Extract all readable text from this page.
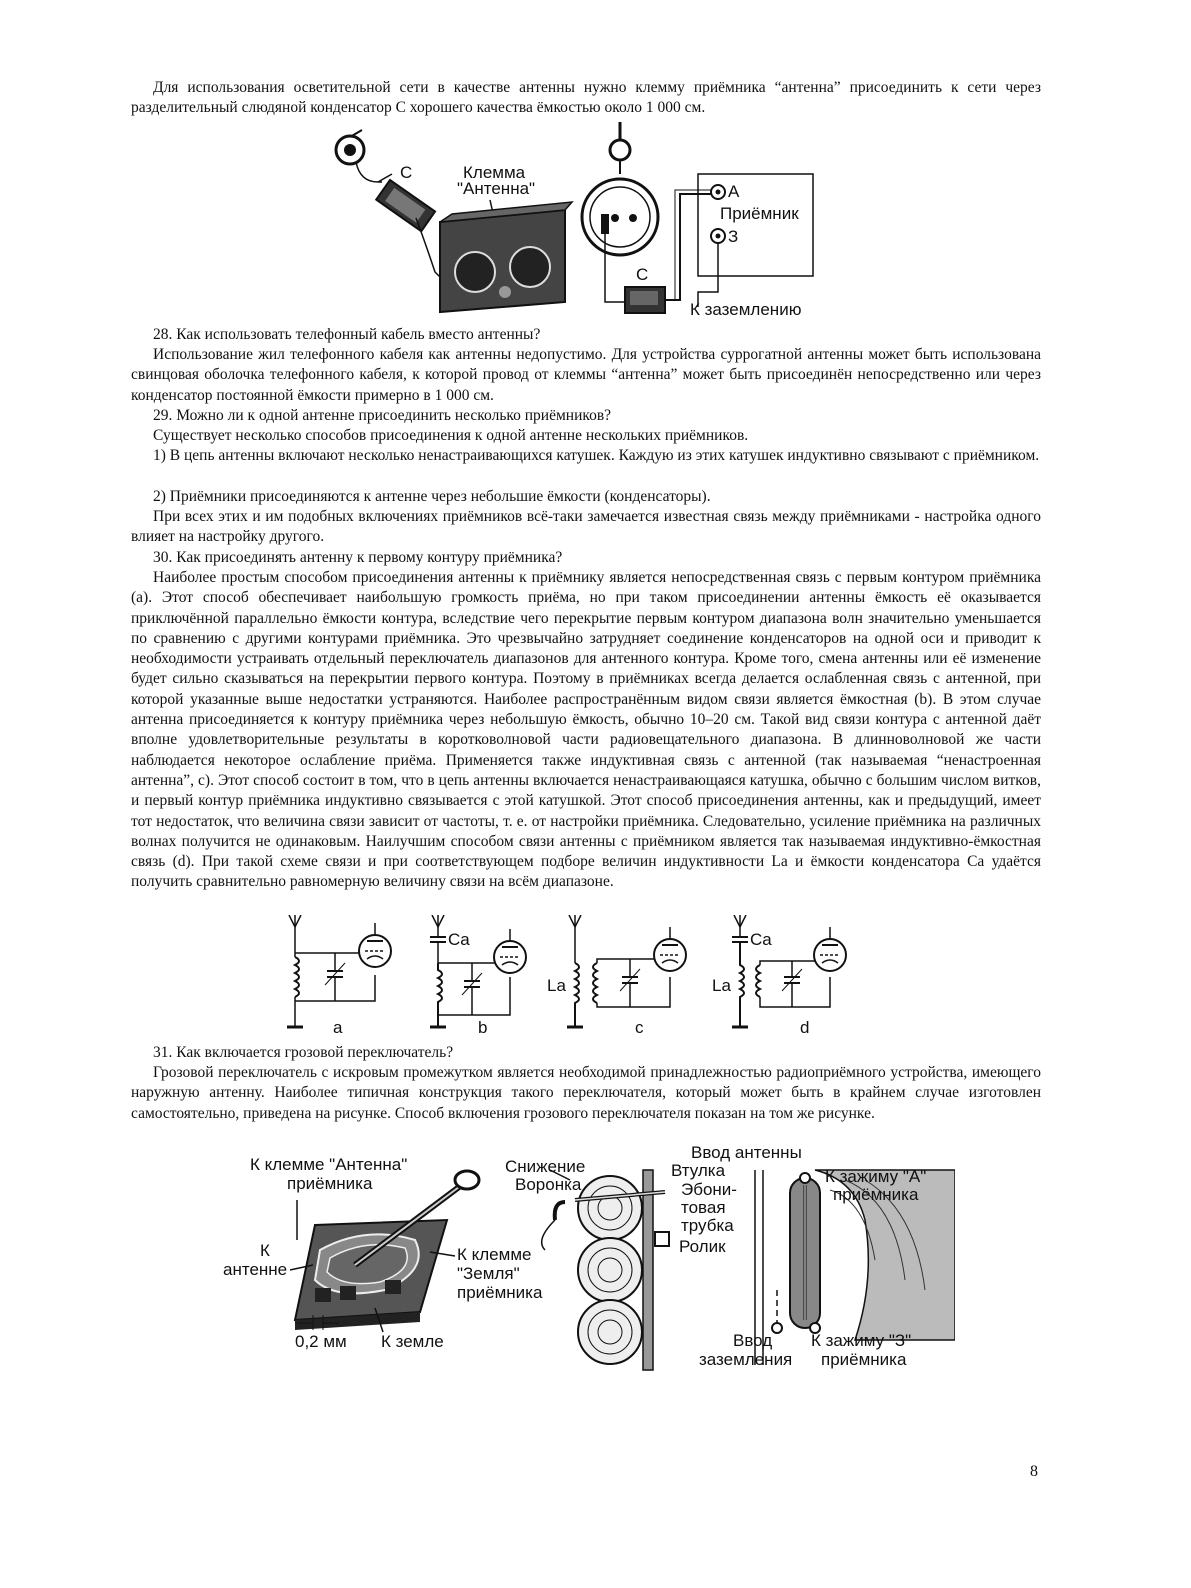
Для использования осветительной сети в качестве антенны нужно клемму приёмника “антенна” присоединить к сети через разделительный слюдяной конденсатор С хорошего качества ёмкостью около 1 000 см.

С	Клемма
"Антенна"
С
А
Приёмник
З
К заземлению

28. Как использовать телефонный кабель вместо антенны?

Использование жил телефонного кабеля как антенны недопустимо. Для устройства суррогатной антенны может быть использована свинцовая оболочка телефонного кабеля, к которой провод от клеммы “антенна” может быть присоединён непосредственно или через конденсатор постоянной ёмкости примерно в 1 000 см.

29. Можно ли к одной антенне присоединить несколько приёмников?

Существует несколько способов присоединения к одной антенне нескольких приёмников.

1) В цепь антенны включают несколько ненастраивающихся катушек. Каждую из этих катушек индуктивно связывают с приёмником.

2) Приёмники присоединяются к антенне через небольшие ёмкости (конденсаторы).

При всех этих и им подобных включениях приёмников всё-таки замечается известная связь между приёмниками - настройка одного влияет на настройку другого.

30. Как присоединять антенну к первому контуру приёмника?

Наиболее простым способом присоединения антенны к приёмнику является непосредственная связь с первым контуром приёмника (a). Этот способ обеспечивает наибольшую громкость приёма, но при таком присоединении антенны ёмкость её оказывается приключённой параллельно ёмкости контура, вследствие чего перекрытие первым контуром диапазона волн значительно уменьшается по сравнению с другими контурами приёмника. Это чрезвычайно затрудняет соединение конденсаторов на одной оси и приводит к необходимости устраивать отдельный переключатель диапазонов для антенного контура. Кроме того, смена антенны или её изменение будет сильно сказываться на перекрытии первого контура. Поэтому в приёмниках всегда делается ослабленная связь с антенной, при которой указанные выше недостатки устраняются. Наиболее распространённым видом связи является ёмкостная (b). В этом случае антенна присоединяется к контуру приёмника через небольшую ёмкость, обычно 10–20 см. Такой вид связи контура с антенной даёт вполне удовлетворительные результаты в коротковолновой части радиовещательного диапазона. В длинноволновой же части наблюдается некоторое ослабление приёма. Применяется также индуктивная связь с антенной (так называемая “ненастроенная антенна”, c). Этот способ состоит в том, что в цепь антенны включается ненастраивающаяся катушка, обычно с большим числом витков, и первый контур приёмника индуктивно связывается с этой катушкой. Этот способ присоединения антенны, как и предыдущий, имеет тот недостаток, что величина связи зависит от частоты, т. е. от настройки приёмника. Следовательно, усиление приёмника на различных волнах получится не одинаковым. Наилучшим способом связи антенны с приёмником является так называемая индуктивно-ёмкостная связь (d). При такой схеме связи и при соответствующем подборе величин индуктивности La и ёмкости конденсатора Ca удаётся получить сравнительно равномерную величину связи на всём диапазоне.

a
Ca
b
La
c
Ca
La
d

31. Как включается грозовой переключатель?

Грозовой переключатель с искровым промежутком является необходимой принадлежностью радиоприёмного устройства, имеющего наружную антенну. Наиболее типичная конструкция такого переключателя, который может быть в крайнем случае изготовлен самостоятельно, приведена на рисунке. Способ включения грозового переключателя показан на том же рисунке.

К клемме "Антенна"
приёмника
К
антенне
К клемме
"Земля"
приёмника
0,2 мм К земле
Снижение
Воронка
Втулка
Эбони-
товая
трубка
Ролик
Ввод антенны
К зажиму "А"
приёмника
Ввод
заземления
К зажиму "З"
приёмника
8
